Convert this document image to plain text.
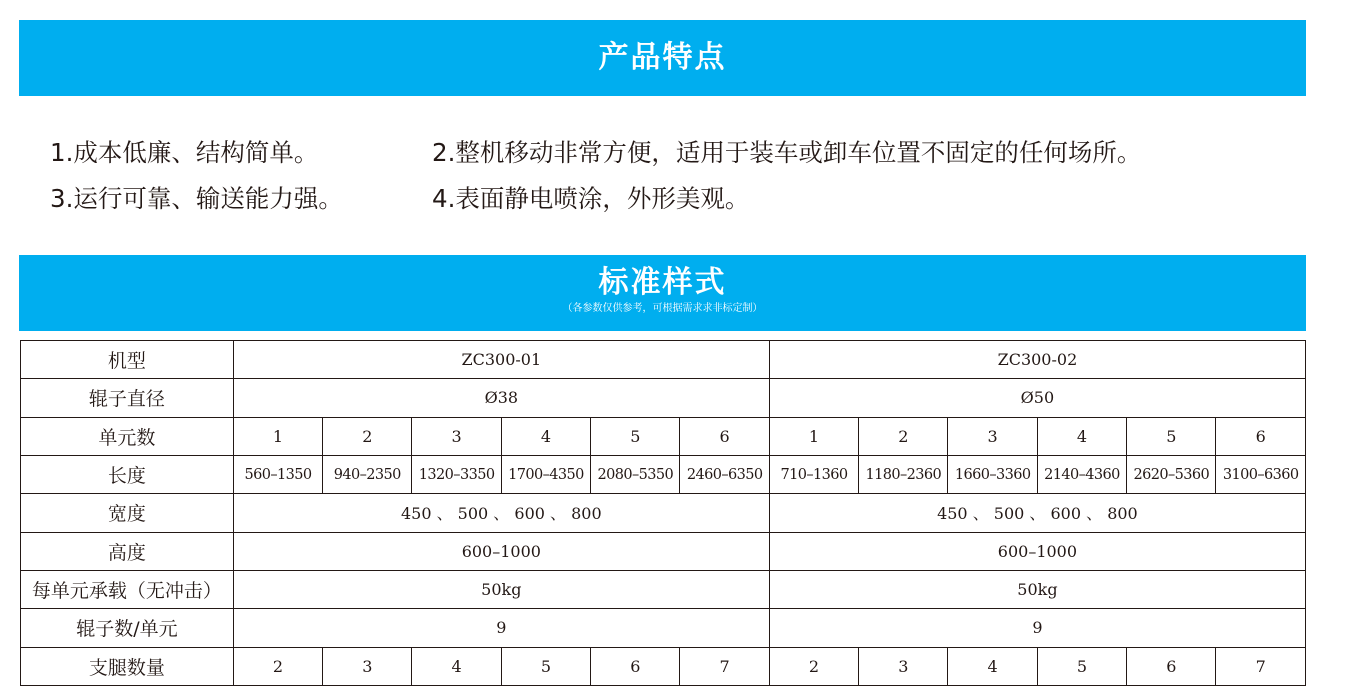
产品特点
1.成本低廉、结构简单。	2.整机移动非常方便，适用于装车或卸车位置不固定的任何场所。
3.运行可靠、输送能力强。	4.表面静电喷涂，外形美观。
标准样式
（各参数仅供参考，可根据需求求非标定制）
机型	ZC300-01						ZC300-02					
辊子直径	Ø38						Ø50					
单元数	1	2	3	4	5	6	1	2	3	4	5	6
长度	560–1350	940–2350	1320–3350	1700–4350	2080–5350	2460–6350	710–1360	1180–2360	1660–3360	2140–4360	2620–5360	3100–6360
宽度	450 、 500 、 600 、 800						450 、 500 、 600 、 800					
高度	600–1000						600–1000					
每单元承载（无冲击）	50kg						50kg					
辊子数/单元	9						9					
支腿数量	2	3	4	5	6	7	2	3	4	5	6	7
